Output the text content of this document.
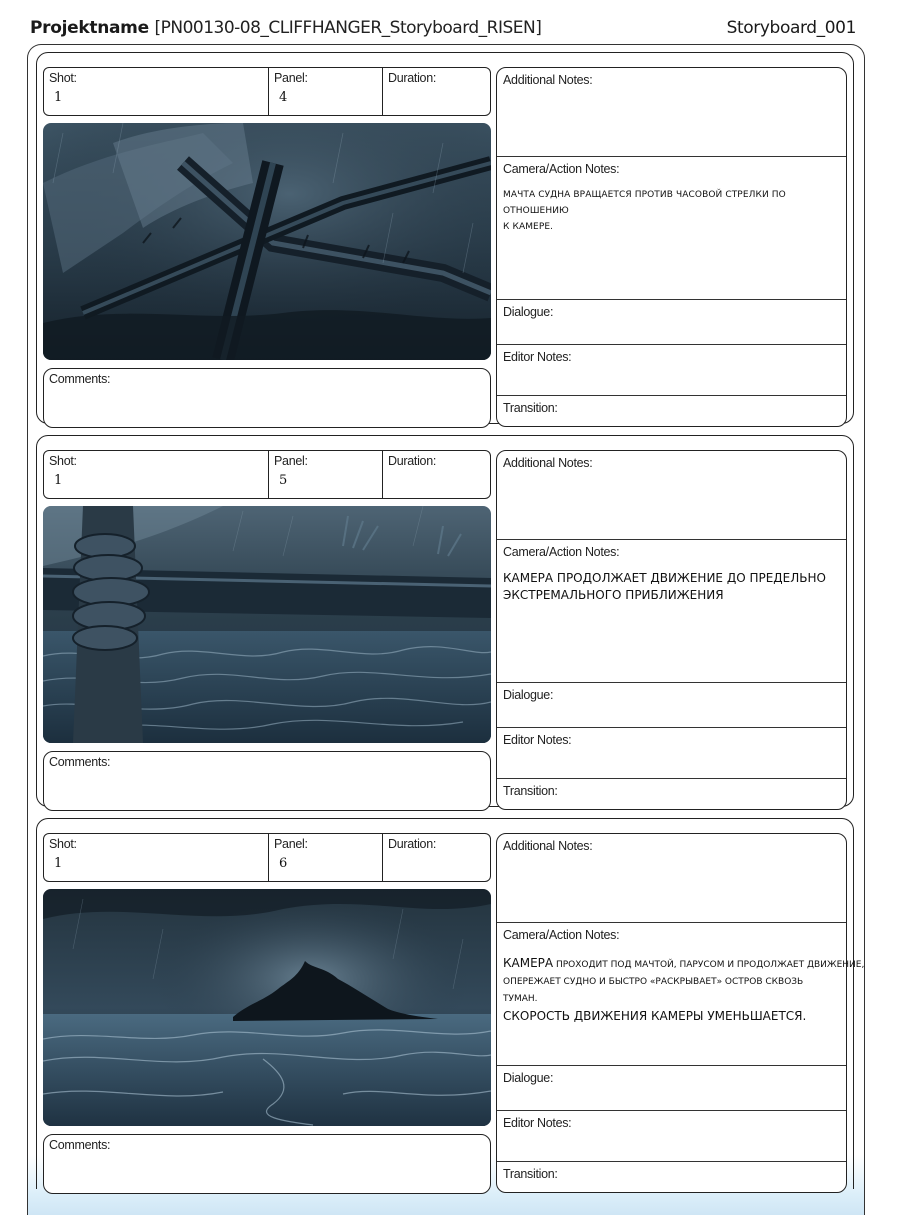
Projektname [PN00130-08_CLIFFHANGER_Storyboard_RISEN]	Storyboard_001
Shot:
1
Panel:
4
Duration:
Comments:
Additional Notes:
Camera/Action Notes:
МАЧТА СУДНА ВРАЩАЕТСЯ ПРОТИВ ЧАСОВОЙ СТРЕЛКИ ПО ОТНОШЕНИЮ
К КАМЕРЕ.
Dialogue:
Editor Notes:
Transition:
Shot:
1
Panel:
5
Duration:
Comments:
Additional Notes:
Camera/Action Notes:
КАМЕРА ПРОДОЛЖАЕТ ДВИЖЕНИЕ ДО ПРЕДЕЛЬНО
ЭКСТРЕМАЛЬНОГО ПРИБЛИЖЕНИЯ
Dialogue:
Editor Notes:
Transition:
Shot:
1
Panel:
6
Duration:
Comments:
Additional Notes:
Camera/Action Notes:
КАМЕРА ПРОХОДИТ ПОД МАЧТОЙ, ПАРУСОМ И ПРОДОЛЖАЕТ ДВИЖЕНИЕ,
ОПЕРЕЖАЕТ СУДНО И БЫСТРО «РАСКРЫВАЕТ» ОСТРОВ СКВОЗЬ
ТУМАН.
СКОРОСТЬ ДВИЖЕНИЯ КАМЕРЫ УМЕНЬШАЕТСЯ.
Dialogue:
Editor Notes:
Transition:
